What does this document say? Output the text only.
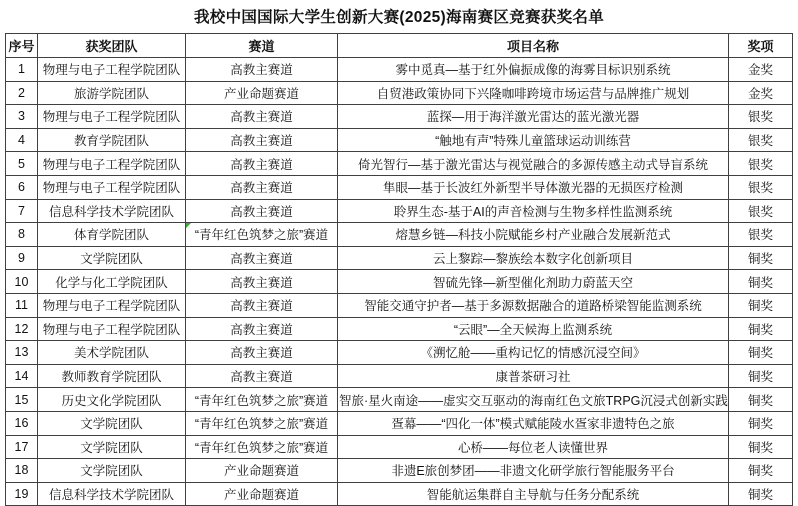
我校中国国际大学生创新大赛(2025)海南赛区竞赛获奖名单
序号	获奖团队	赛道	项目名称	奖项
1	物理与电子工程学院团队	高教主赛道	雾中觅真—基于红外偏振成像的海雾目标识别系统	金奖
2	旅游学院团队	产业命题赛道	自贸港政策协同下兴隆咖啡跨境市场运营与品牌推广规划	金奖
3	物理与电子工程学院团队	高教主赛道	蓝探—用于海洋激光雷达的蓝光激光器	银奖
4	教育学院团队	高教主赛道	“触地有声”特殊儿童篮球运动训练营	银奖
5	物理与电子工程学院团队	高教主赛道	倚光智行—基于激光雷达与视觉融合的多源传感主动式导盲系统	银奖
6	物理与电子工程学院团队	高教主赛道	隼眼—基于长波红外新型半导体激光器的无损医疗检测	银奖
7	信息科学技术学院团队	高教主赛道	聆界生态-基于AI的声音检测与生物多样性监测系统	银奖
8	体育学院团队	“青年红色筑梦之旅”赛道	熔慧乡链—科技小院赋能乡村产业融合发展新范式	银奖
9	文学院团队	高教主赛道	云上黎踪—黎族绘本数字化创新项目	铜奖
10	化学与化工学院团队	高教主赛道	智硫先锋—新型催化剂助力蔚蓝天空	铜奖
11	物理与电子工程学院团队	高教主赛道	智能交通守护者—基于多源数据融合的道路桥梁智能监测系统	铜奖
12	物理与电子工程学院团队	高教主赛道	“云眼”—全天候海上监测系统	铜奖
13	美术学院团队	高教主赛道	《溯忆舱——重构记忆的情感沉浸空间》	铜奖
14	教师教育学院团队	高教主赛道	康普茶研习社	铜奖
15	历史文化学院团队	“青年红色筑梦之旅”赛道	智旅·星火南途——虚实交互驱动的海南红色文旅TRPG沉浸式创新实践	铜奖
16	文学院团队	“青年红色筑梦之旅”赛道	疍幕——“四化一体”模式赋能陵水疍家非遗特色之旅	铜奖
17	文学院团队	“青年红色筑梦之旅”赛道	心桥——每位老人读懂世界	铜奖
18	文学院团队	产业命题赛道	非遗E旅创梦团——非遗文化研学旅行智能服务平台	铜奖
19	信息科学技术学院团队	产业命题赛道	智能航运集群自主导航与任务分配系统	铜奖
